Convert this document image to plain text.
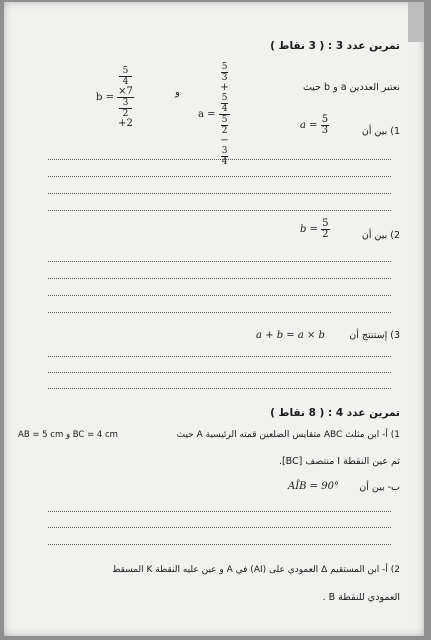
تمرين عدد 3 : ( 3 نقاط )
b = 5
4
×7
3
2
+2	و
a = 5
3
+
5
4
5
2
−
3
4	نعتبر العددين a و b حيث
1) بين أن
$a = \frac{5}{3}$
2) بين أن
$b = \frac{5}{2}$
3) إستنتج أن
a + b = a × b
تمرين عدد 4 : ( 8 نقاط )
1) أ- ابن مثلث ABC متقايس الضلعين قمته الرئيسية A حيث
AB = 5 cm و BC = 4 cm
ثم عين النقطة I منتصف [BC].
ب- بين أن
AÎB = 90°
2) أ- ابن المستقيم Δ العمودي على (AI) في A و عين عليه النقطة K المسقط
العمودي للنقطة B .
